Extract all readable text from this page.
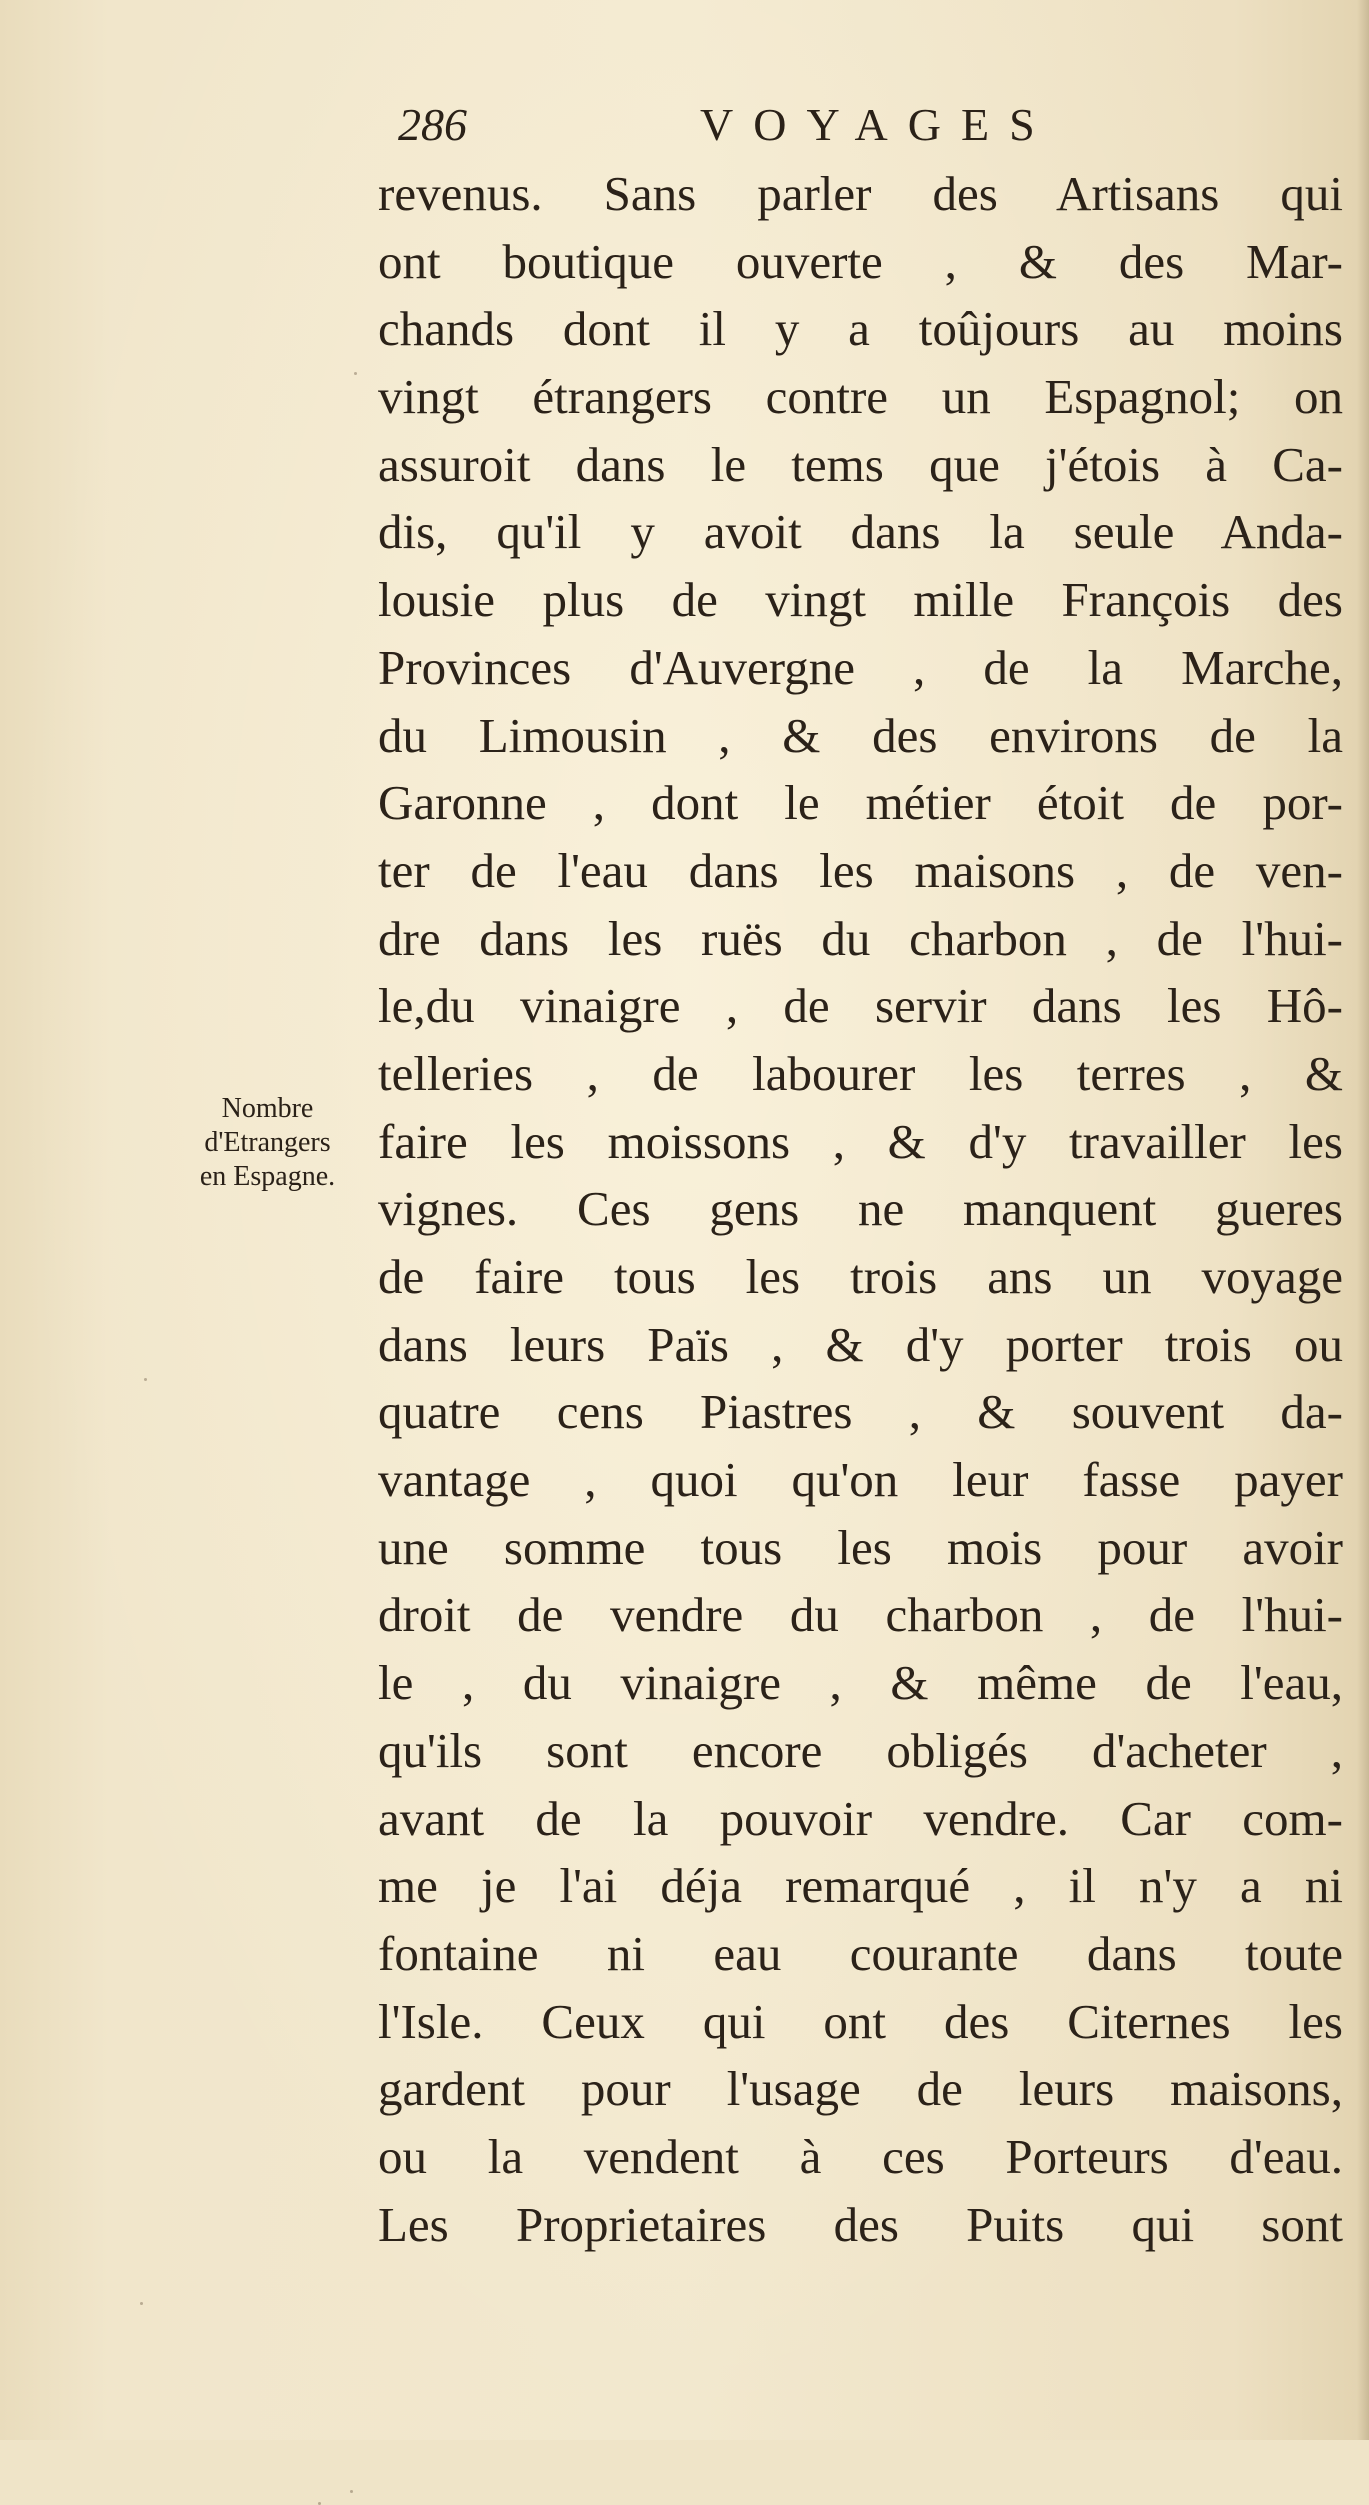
286	VOYAGES
Nombre
d'Etrangers
en Espagne.
revenus. Sans parler des Artisans qui
ont boutique ouverte , & des Mar-
chands dont il y a toûjours au moins
vingt étrangers contre un Espagnol; on
assuroit dans le tems que j'étois à Ca-
dis, qu'il y avoit dans la seule Anda-
lousie plus de vingt mille François des
Provinces d'Auvergne , de la Marche,
du Limousin , & des environs de la
Garonne , dont le métier étoit de por-
ter de l'eau dans les maisons , de ven-
dre dans les ruës du charbon , de l'hui-
le,du vinaigre , de servir dans les Hô-
telleries , de labourer les terres , &
faire les moissons , & d'y travailler les
vignes. Ces gens ne manquent gueres
de faire tous les trois ans un voyage
dans leurs Païs , & d'y porter trois ou
quatre cens Piastres , & souvent da-
vantage , quoi qu'on leur fasse payer
une somme tous les mois pour avoir
droit de vendre du charbon , de l'hui-
le , du vinaigre , & même de l'eau,
qu'ils sont encore obligés d'acheter ,
avant de la pouvoir vendre. Car com-
me je l'ai déja remarqué , il n'y a ni
fontaine ni eau courante dans toute
l'Isle. Ceux qui ont des Citernes les
gardent pour l'usage de leurs maisons,
ou la vendent à ces Porteurs d'eau.
Les Proprietaires des Puits qui sont
